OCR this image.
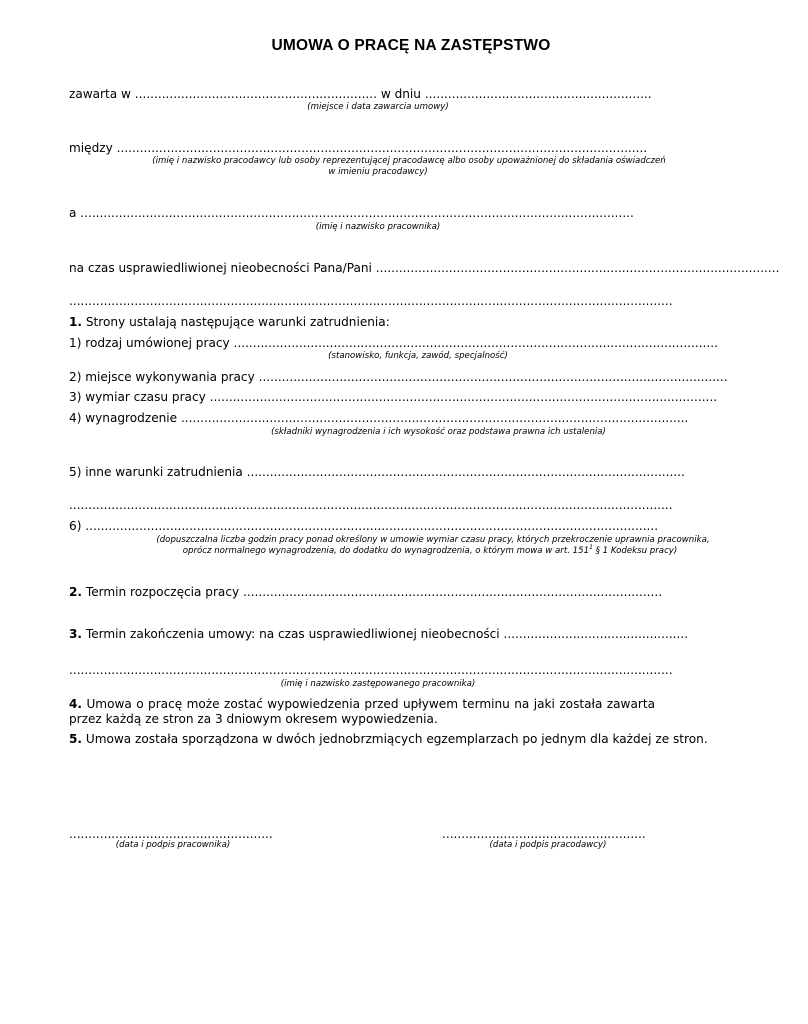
UMOWA O PRACĘ NA ZASTĘPSTWO
zawarta w ............................................................... w dniu ...........................................................
(miejsce i data zawarcia umowy)
między ..........................................................................................................................................
(imię i nazwisko pracodawcy lub osoby reprezentującej pracodawcę albo osoby upoważnionej do składania oświadczeń
w imieniu pracodawcy)
a ................................................................................................................................................
(imię i nazwisko pracownika)
na czas usprawiedliwionej nieobecności Pana/Pani .........................................................................................................
.............................................................................................................................................................
1. Strony ustalają następujące warunki zatrudnienia:
1) rodzaj umówionej pracy ..............................................................................................................................
(stanowisko, funkcja, zawód, specjalność)
2) miejsce wykonywania pracy ..........................................................................................................................
3) wymiar czasu pracy ....................................................................................................................................
4) wynagrodzenie ....................................................................................................................................
(składniki wynagrodzenia i ich wysokość oraz podstawa prawna ich ustalenia)
5) inne warunki zatrudnienia ..................................................................................................................
.............................................................................................................................................................
6) .....................................................................................................................................................
(dopuszczalna liczba godzin pracy ponad określony w umowie wymiar czasu pracy, których przekroczenie uprawnia pracownika,
oprócz normalnego wynagrodzenia, do dodatku do wynagrodzenia, o którym mowa w art. $151^1$ § 1 Kodeksu pracy)
2. Termin rozpoczęcia pracy .............................................................................................................
3. Termin zakończenia umowy: na czas usprawiedliwionej nieobecności ................................................
.............................................................................................................................................................
(imię i nazwisko zastępowanego pracownika)
4. Umowa o pracę może zostać wypowiedzenia przed upływem terminu na jaki została zawarta przez każdą ze stron za 3 dniowym okresem wypowiedzenia.
5. Umowa została sporządzona w dwóch jednobrzmiących egzemplarzach po jednym dla każdej ze stron.
.....................................................
(data i podpis pracownika)
.....................................................
(data i podpis pracodawcy)
